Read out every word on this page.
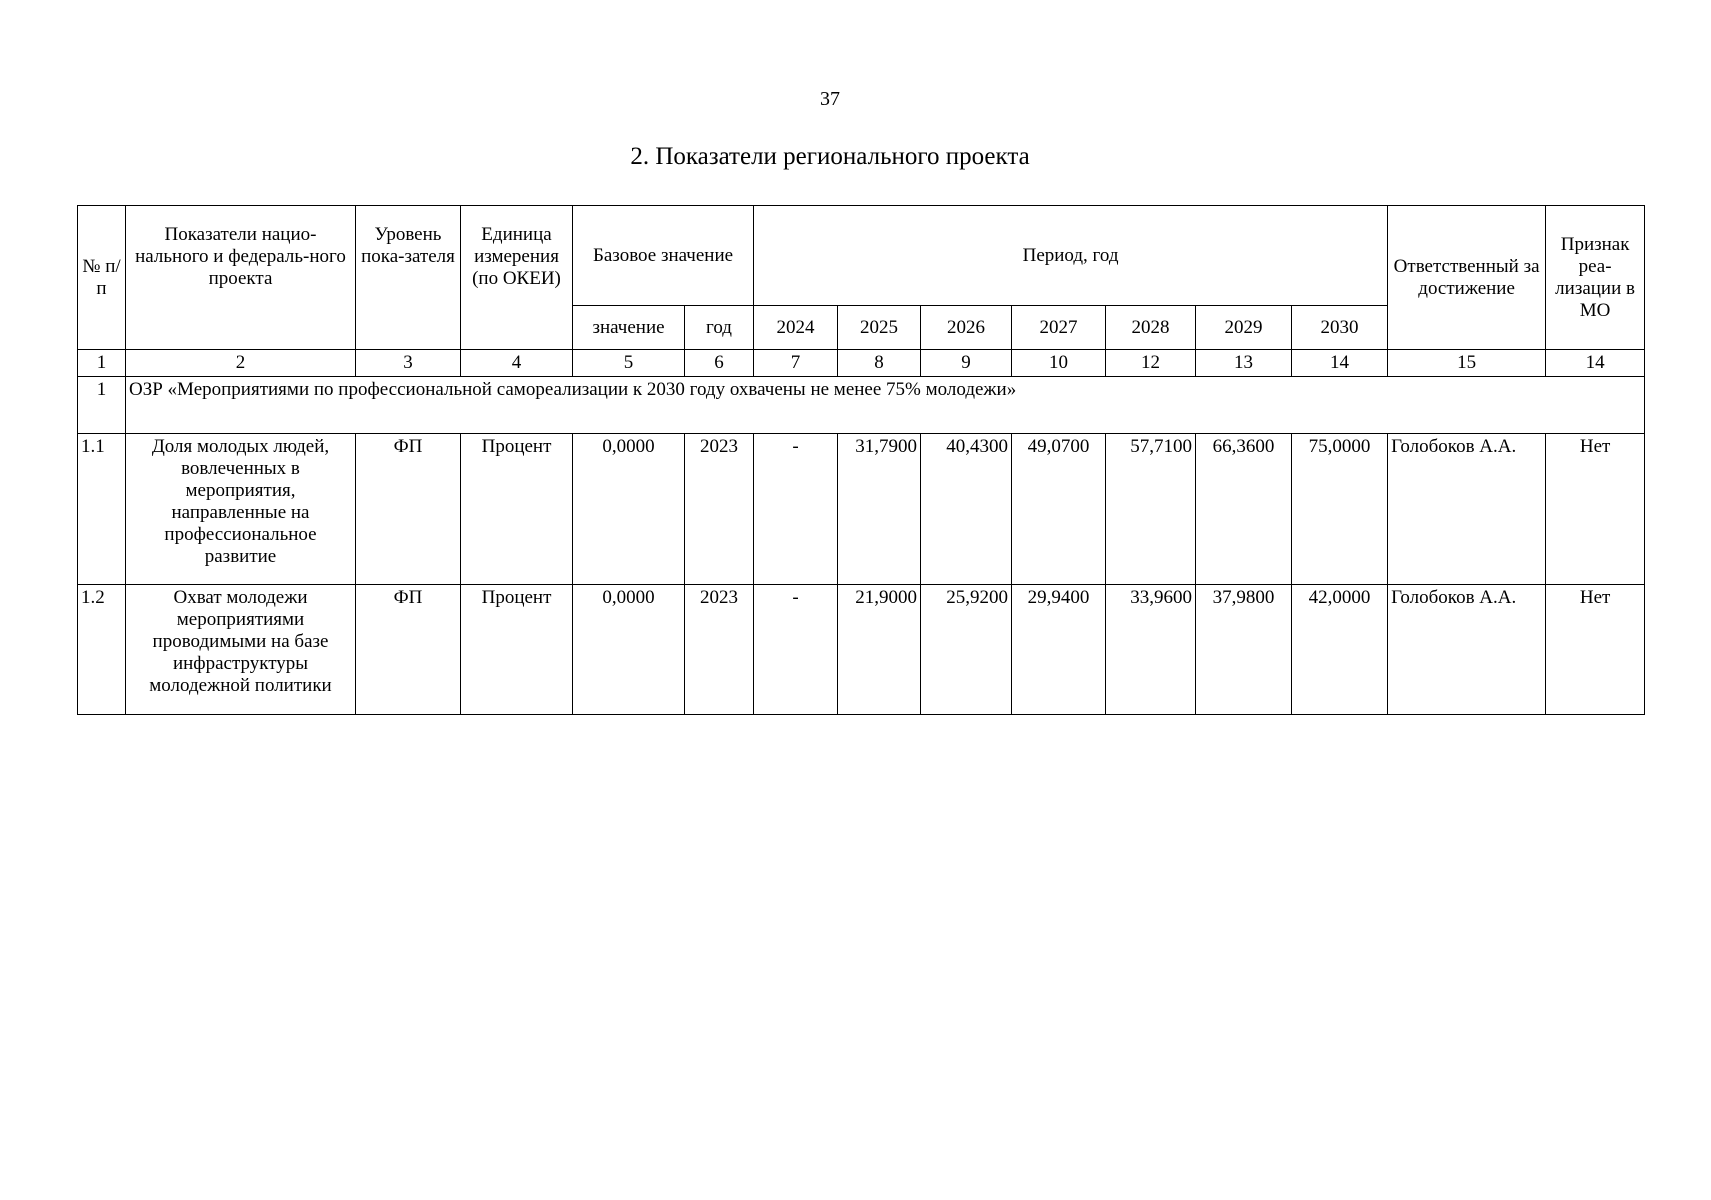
37
2. Показатели регионального проекта
№ п/п	Показатели нацио-нального и федераль-ного проекта	Уровень пока-зателя	Единица измерения (по ОКЕИ)	Базовое значение		Период, год							Ответственный за достижение	Признак реа-лизации в МО
				значение	год	2024	2025	2026	2027	2028	2029	2030		
1	2	3	4	5	6	7	8	9	10	12	13	14	15	14
1	ОЗР «Мероприятиями по профессиональной самореализации к 2030 году охвачены не менее 75% молодежи»													
1.1	Доля молодых людей, вовлеченных в мероприятия, направленные на профессиональное развитие	ФП	Процент	0,0000	2023	-	31,7900	40,4300	49,0700	57,7100	66,3600	75,0000	Голобоков А.А.	Нет
1.2	Охват молодежи мероприятиями проводимыми на базе инфраструктуры молодежной политики	ФП	Процент	0,0000	2023	-	21,9000	25,9200	29,9400	33,9600	37,9800	42,0000	Голобоков А.А.	Нет
